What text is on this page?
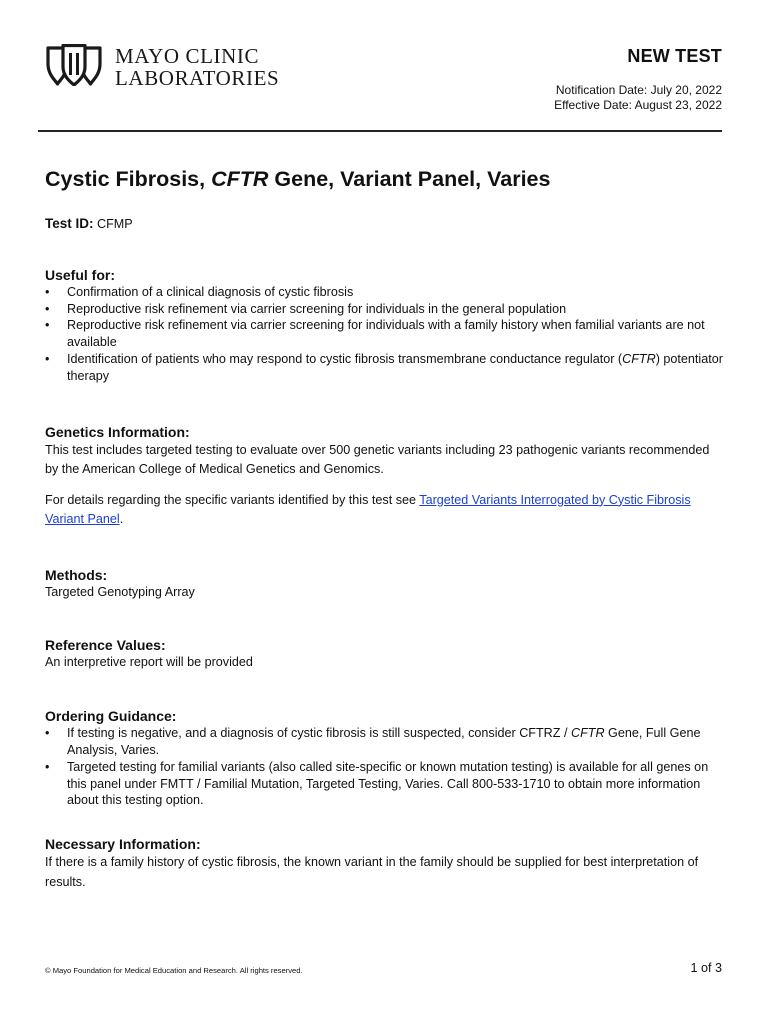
MAYO CLINIC
LABORATORIES
NEW TEST
Notification Date: July 20, 2022
Effective Date: August 23, 2022
Cystic Fibrosis, CFTR Gene, Variant Panel, Varies
Test ID: CFMP
Useful for:
• Confirmation of a clinical diagnosis of cystic fibrosis
• Reproductive risk refinement via carrier screening for individuals in the general population
• Reproductive risk refinement via carrier screening for individuals with a family history when familial variants are not available
• Identification of patients who may respond to cystic fibrosis transmembrane conductance regulator (CFTR) potentiator therapy
Genetics Information:

This test includes targeted testing to evaluate over 500 genetic variants including 23 pathogenic variants recommended by the American College of Medical Genetics and Genomics.

For details regarding the specific variants identified by this test see Targeted Variants Interrogated by Cystic Fibrosis Variant Panel.

Methods:

Targeted Genotyping Array

Reference Values:

An interpretive report will be provided

Ordering Guidance:
• If testing is negative, and a diagnosis of cystic fibrosis is still suspected, consider CFTRZ / CFTR Gene, Full Gene Analysis, Varies.
• Targeted testing for familial variants (also called site-specific or known mutation testing) is available for all genes on this panel under FMTT / Familial Mutation, Targeted Testing, Varies. Call 800-533-1710 to obtain more information about this testing option.
Necessary Information:

If there is a family history of cystic fibrosis, the known variant in the family should be supplied for best interpretation of results.

© Mayo Foundation for Medical Education and Research. All rights reserved.	1 of 3
